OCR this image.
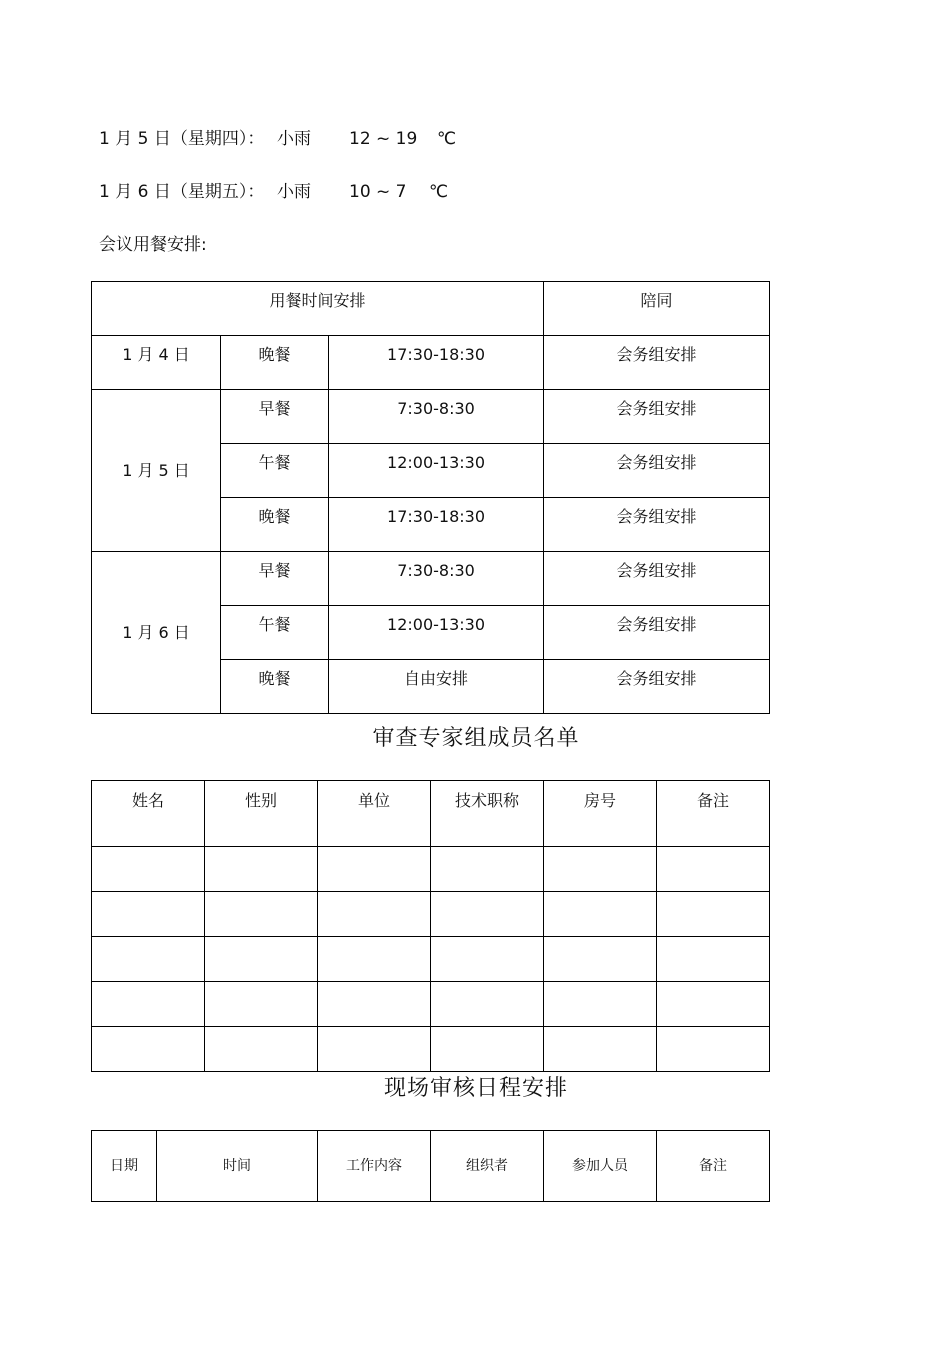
1 月 5 日（星期四）： 小雨 12 ~ 19 ℃
1 月 6 日（星期五）： 小雨 10 ~ 7 ℃
会议用餐安排:
用餐时间安排			陪同
1 月 4 日	晚餐	17:30-18:30	会务组安排
1 月 5 日	早餐	7:30-8:30	会务组安排
	午餐	12:00-13:30	会务组安排
	晚餐	17:30-18:30	会务组安排
1 月 6 日	早餐	7:30-8:30	会务组安排
	午餐	12:00-13:30	会务组安排
	晚餐	自由安排	会务组安排
审查专家组成员名单
姓名	性别	单位	技术职称	房号	备注

现场审核日程安排
日期	时间	工作内容	组织者	参加人员	备注
